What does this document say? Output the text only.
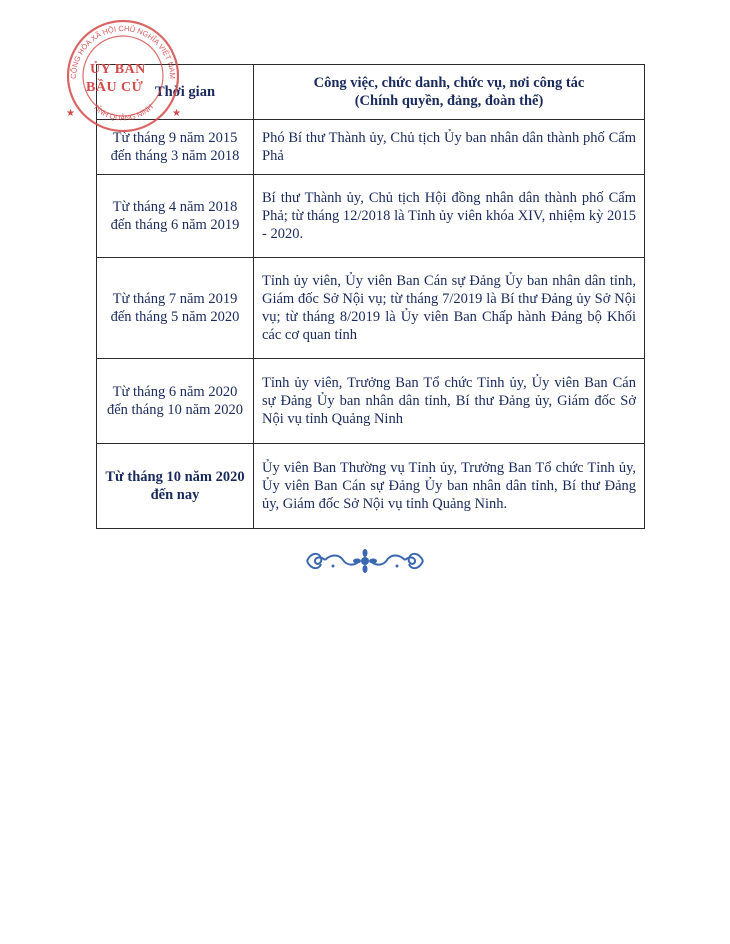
Thời gian	Công việc, chức danh, chức vụ, nơi công tác
(Chính quyền, đảng, đoàn thể)

Từ tháng 9 năm 2015
đến tháng 3 năm 2018	Phó Bí thư Thành ủy, Chủ tịch Ủy ban nhân dân thành phố Cẩm Phả

Từ tháng 4 năm 2018
đến tháng 6 năm 2019	Bí thư Thành ủy, Chủ tịch Hội đồng nhân dân thành phố Cẩm Phả; từ tháng 12/2018 là Tỉnh ủy viên khóa XIV, nhiệm kỳ 2015 - 2020.

Từ tháng 7 năm 2019
đến tháng 5 năm 2020	Tỉnh ủy viên, Ủy viên Ban Cán sự Đảng Ủy ban nhân dân tỉnh, Giám đốc Sở Nội vụ; từ tháng 7/2019 là Bí thư Đảng ủy Sở Nội vụ; từ tháng 8/2019 là Ủy viên Ban Chấp hành Đảng bộ Khối các cơ quan tỉnh

Từ tháng 6 năm 2020
đến tháng 10 năm 2020	Tỉnh ủy viên, Trưởng Ban Tổ chức Tỉnh ủy, Ủy viên Ban Cán sự Đảng Ủy ban nhân dân tỉnh, Bí thư Đảng ủy, Giám đốc Sở Nội vụ tỉnh Quảng Ninh

Từ tháng 10 năm 2020
đến nay	Ủy viên Ban Thường vụ Tỉnh ủy, Trưởng Ban Tổ chức Tỉnh ủy, Ủy viên Ban Cán sự Đảng Ủy ban nhân dân tỉnh, Bí thư Đảng ủy, Giám đốc Sở Nội vụ tỉnh Quảng Ninh.
CỘNG HÒA XÃ HỘI CHỦ NGHĨA VIỆT NAM
TỈNH QUẢNG NINH
★	★
ỦY BAN
BẦU CỬ
